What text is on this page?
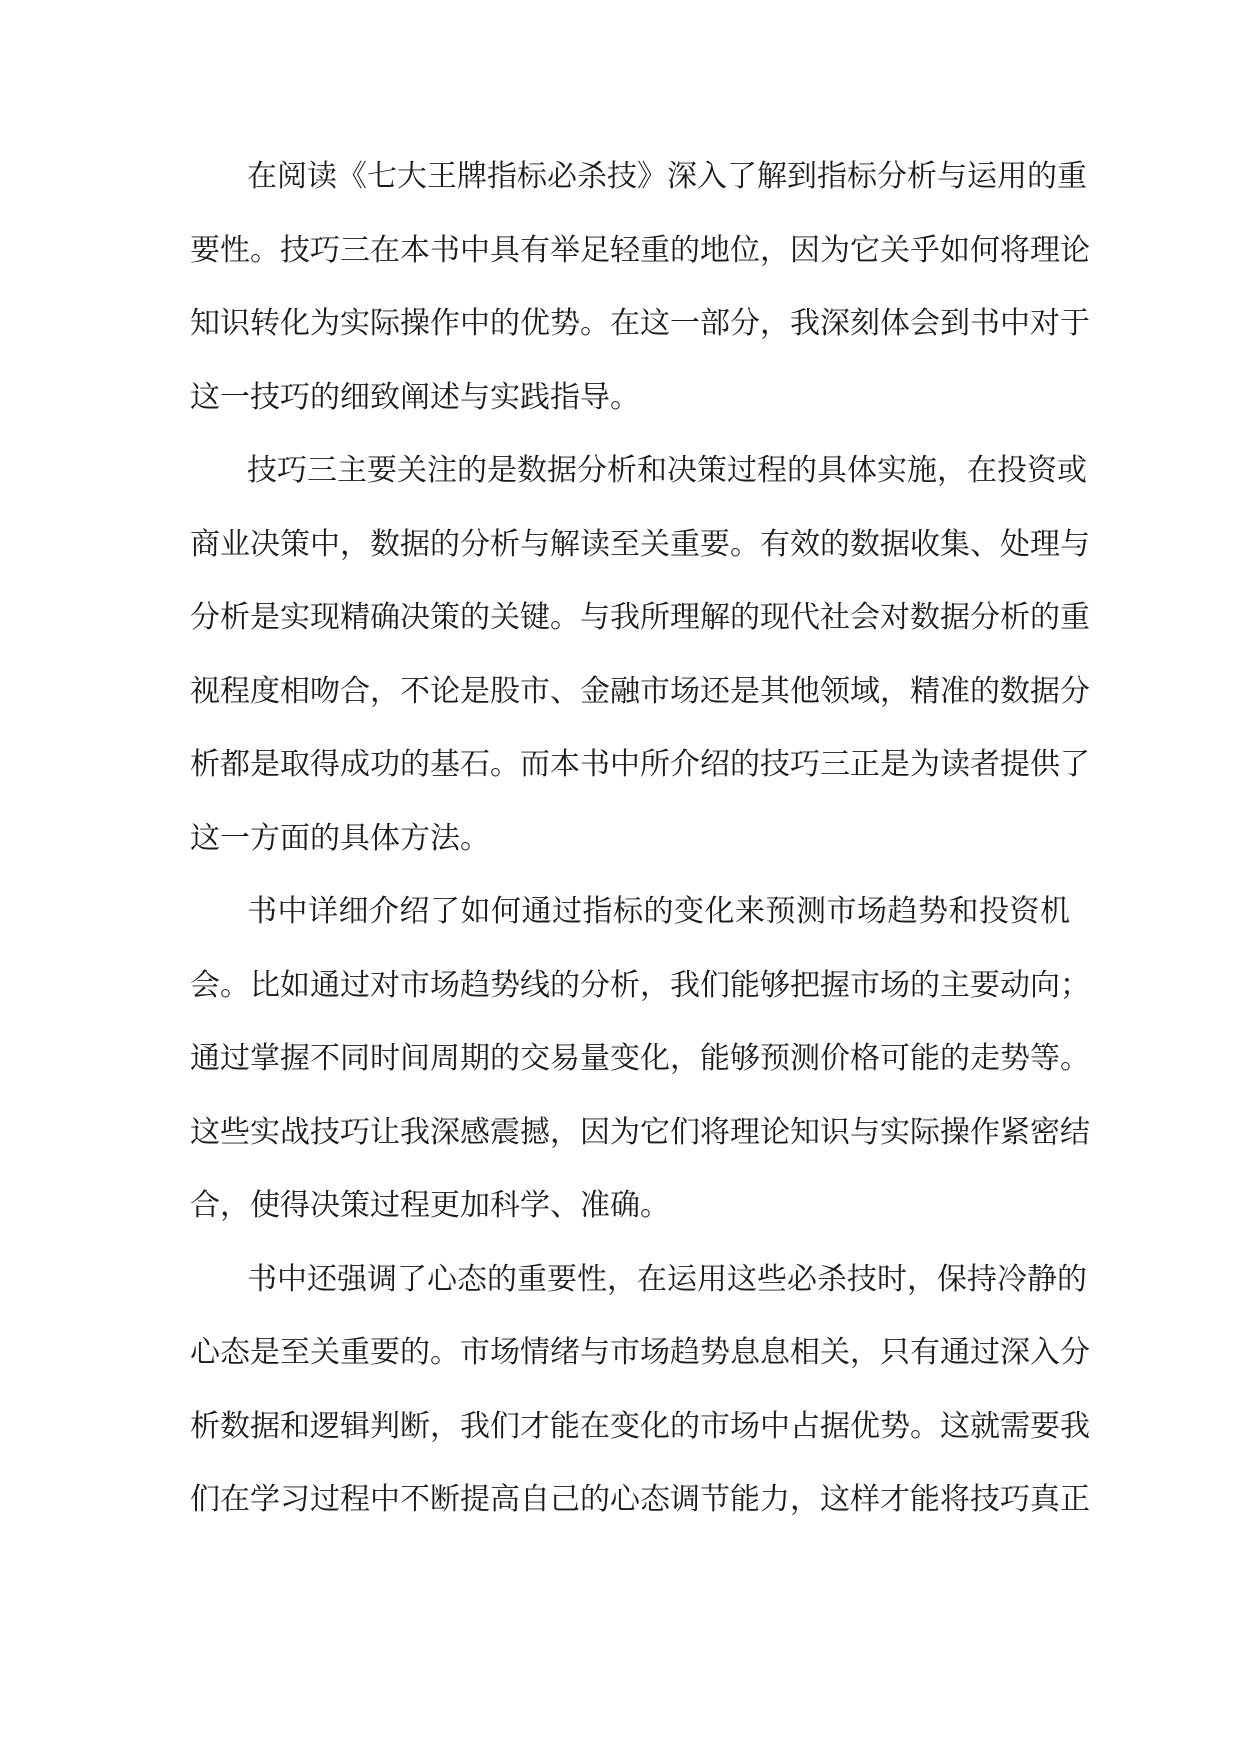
在阅读《七大王牌指标必杀技》深入了解到指标分析与运用的重
要性。技巧三在本书中具有举足轻重的地位，因为它关乎如何将理论
知识转化为实际操作中的优势。在这一部分，我深刻体会到书中对于
这一技巧的细致阐述与实践指导。
技巧三主要关注的是数据分析和决策过程的具体实施，在投资或
商业决策中，数据的分析与解读至关重要。有效的数据收集、处理与
分析是实现精确决策的关键。与我所理解的现代社会对数据分析的重
视程度相吻合，不论是股市、金融市场还是其他领域，精准的数据分
析都是取得成功的基石。而本书中所介绍的技巧三正是为读者提供了
这一方面的具体方法。
书中详细介绍了如何通过指标的变化来预测市场趋势和投资机
会。比如通过对市场趋势线的分析，我们能够把握市场的主要动向；
通过掌握不同时间周期的交易量变化，能够预测价格可能的走势等。
这些实战技巧让我深感震撼，因为它们将理论知识与实际操作紧密结
合，使得决策过程更加科学、准确。
书中还强调了心态的重要性，在运用这些必杀技时，保持冷静的
心态是至关重要的。市场情绪与市场趋势息息相关，只有通过深入分
析数据和逻辑判断，我们才能在变化的市场中占据优势。这就需要我
们在学习过程中不断提高自己的心态调节能力，这样才能将技巧真正
